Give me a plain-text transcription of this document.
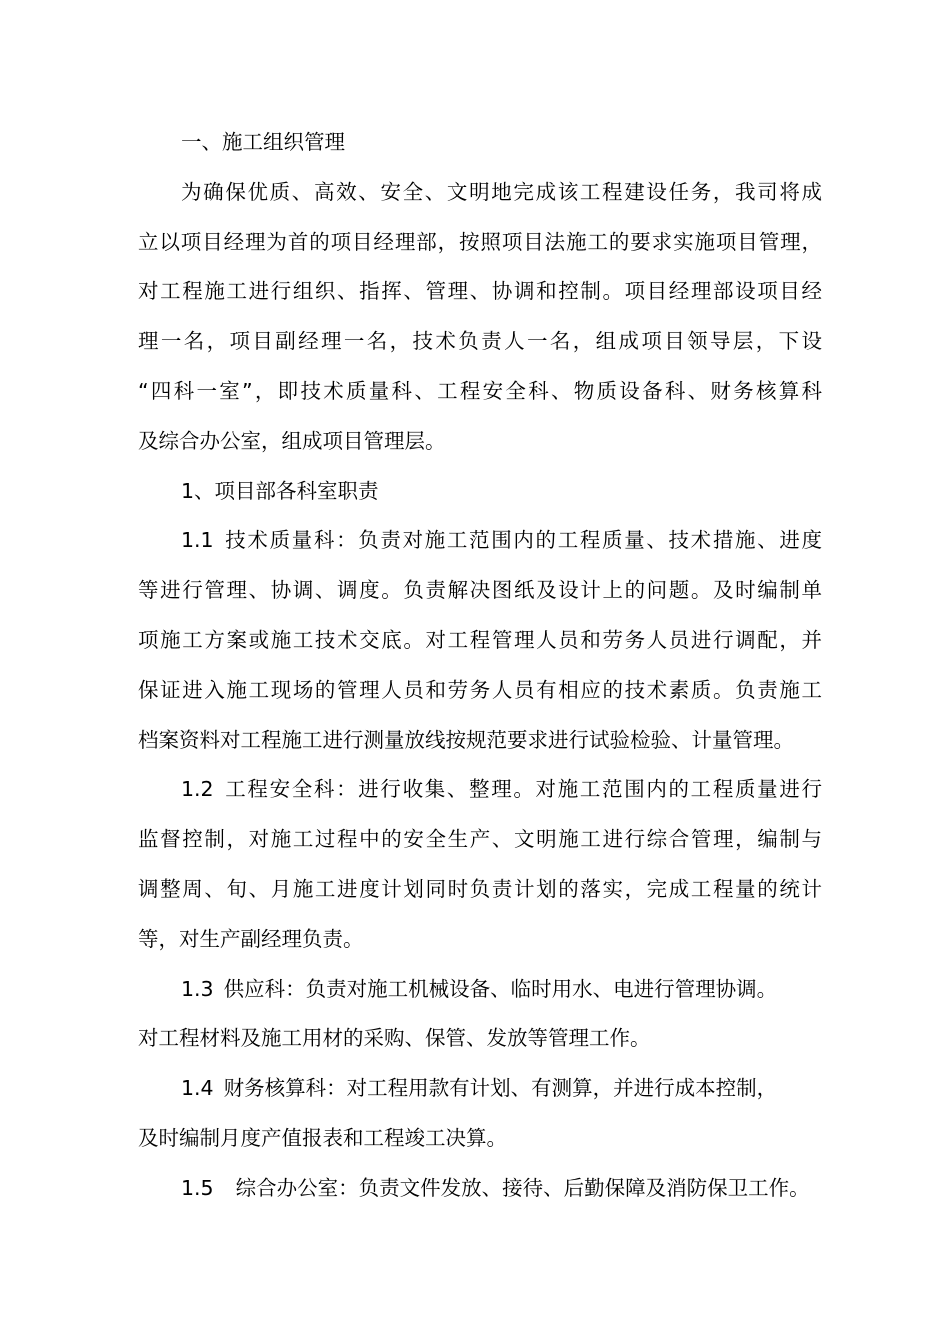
一、施工组织管理
为确保优质、高效、安全、文明地完成该工程建设任务，我司将成
立以项目经理为首的项目经理部，按照项目法施工的要求实施项目管理，
对工程施工进行组织、指挥、管理、协调和控制。项目经理部设项目经
理一名，项目副经理一名，技术负责人一名，组成项目领导层，下设
“四科一室”，即技术质量科、工程安全科、物质设备科、财务核算科
及综合办公室，组成项目管理层。
1、项目部各科室职责
1.1 技术质量科：负责对施工范围内的工程质量、技术措施、进度
等进行管理、协调、调度。负责解决图纸及设计上的问题。及时编制单
项施工方案或施工技术交底。对工程管理人员和劳务人员进行调配，并
保证进入施工现场的管理人员和劳务人员有相应的技术素质。负责施工
档案资料对工程施工进行测量放线按规范要求进行试验检验、计量管理。
1.2 工程安全科：进行收集、整理。对施工范围内的工程质量进行
监督控制，对施工过程中的安全生产、文明施工进行综合管理，编制与
调整周、旬、月施工进度计划同时负责计划的落实，完成工程量的统计
等，对生产副经理负责。
1.3 供应科：负责对施工机械设备、临时用水、电进行管理协调。
对工程材料及施工用材的采购、保管、发放等管理工作。
1.4 财务核算科：对工程用款有计划、有测算，并进行成本控制，
及时编制月度产值报表和工程竣工决算。
1.5 综合办公室：负责文件发放、接待、后勤保障及消防保卫工作。
